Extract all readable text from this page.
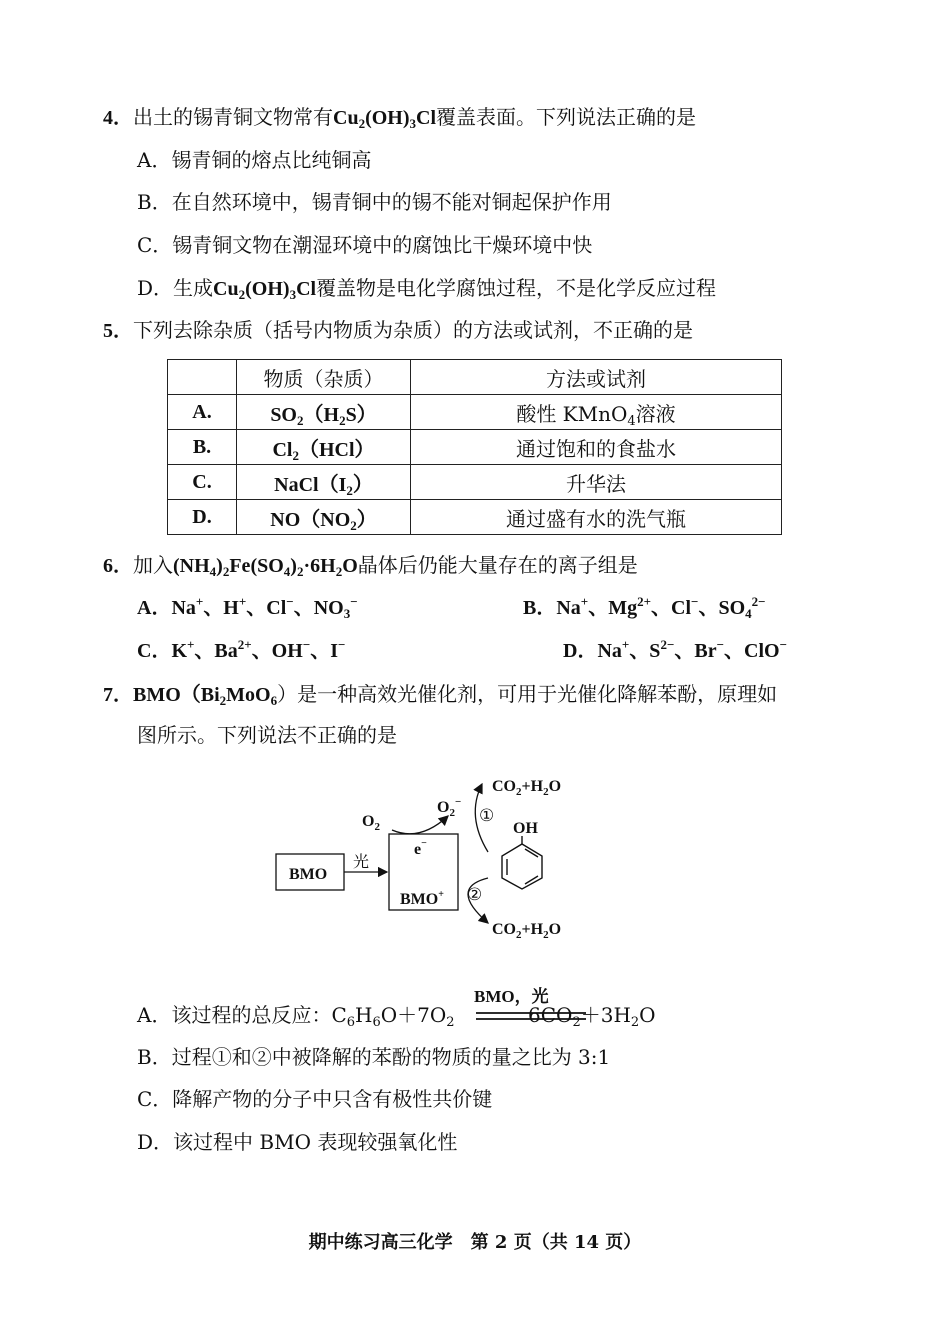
4．出土的锡青铜文物常有$Cu_2(OH)_3Cl$覆盖表面。下列说法正确的是
A．锡青铜的熔点比纯铜高
B．在自然环境中，锡青铜中的锡不能对铜起保护作用
C．锡青铜文物在潮湿环境中的腐蚀比干燥环境中快
D．生成$Cu_2(OH)_3Cl$覆盖物是电化学腐蚀过程，不是化学反应过程
5．下列去除杂质（括号内物质为杂质）的方法或试剂，不正确的是
	物质（杂质）	方法或试剂
A.	$SO_2(H_2S)$	酸性 KMnO$_4$溶液
B.	$Cl_2(HCl)$	通过饱和的食盐水
C.	$NaCl(I_2)$	升华法
D.	$NO(NO_2)$	通过盛有水的洗气瓶
6．加入$(NH_4)_2Fe(SO_4)_2\cdot 6H_2O$晶体后仍能大量存在的离子组是
A．Na+、H+、Cl−、$NO_3^-$	B．Na+、$Mg^{2+}$、Cl−、$SO_4^{2-}$
C．K+、$Ba^{2+}$、OH−、I−	D．Na+、$S^{2-}$、Br−、ClO−
7．$BMO(Bi_2MoO_6)$是一种高效光催化剂，可用于光催化降解苯酚，原理如
图所示。下列说法不正确的是
$CO_2+H_2O$
$O_2^-$
$O_2$
①
OH
e−
BMO
光
②
BMO+
$CO_2+H_2O$
BMO，光
A．该过程的总反应：$C_6H_6O+7O_2$	$6CO_2+3H_2O$
B．过程①和②中被降解的苯酚的物质的量之比为 3:1
C．降解产物的分子中只含有极性共价键
D．该过程中 BMO 表现较强氧化性
期中练习高三化学　第 2 页（共 14 页）
